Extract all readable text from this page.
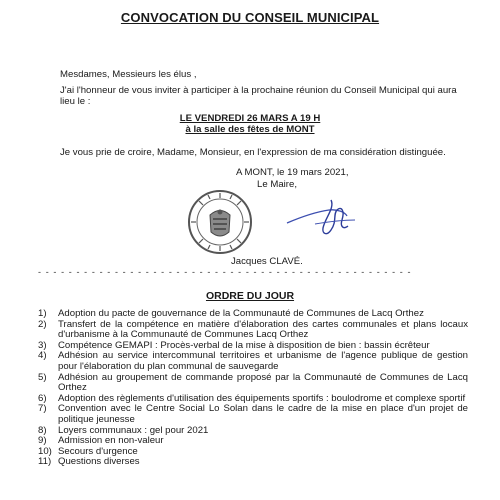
CONVOCATION DU CONSEIL MUNICIPAL
Mesdames, Messieurs les élus ,
J'ai l'honneur de vous inviter à participer à la prochaine réunion du Conseil Municipal qui aura lieu le :
LE VENDREDI 26 MARS A 19 H
à la salle des fêtes de MONT
Je vous prie de croire, Madame, Monsieur, en l'expression de ma considération distinguée.
A MONT, le 19 mars 2021,
Le Maire,
Jacques CLAVÉ.
- - - - - - - - - - - - - - - - - - - - - - - - - - - - - - - - - - - - - - - - - - - - - - - - -
ORDRE DU JOUR
1)	Adoption du pacte de gouvernance de la Communauté de Communes de Lacq Orthez
2)	Transfert de la compétence en matière d'élaboration des cartes communales et plans locaux d'urbanisme à la Communauté de Communes Lacq Orthez
3)	Compétence GEMAPI : Procès-verbal de la mise à disposition de bien : bassin écrêteur
4)	Adhésion au service intercommunal territoires et urbanisme de l'agence publique de gestion pour l'élaboration du plan communal de sauvegarde
5)	Adhésion au groupement de commande proposé par la Communauté de Communes de Lacq Orthez
6)	Adoption des règlements d'utilisation des équipements sportifs : boulodrome et complexe sportif
7)	Convention avec le Centre Social Lo Solan dans le cadre de la mise en place d'un projet de politique jeunesse
8)	Loyers communaux : gel pour 2021
9)	Admission en non-valeur
10) Secours d'urgence
11) Questions diverses
